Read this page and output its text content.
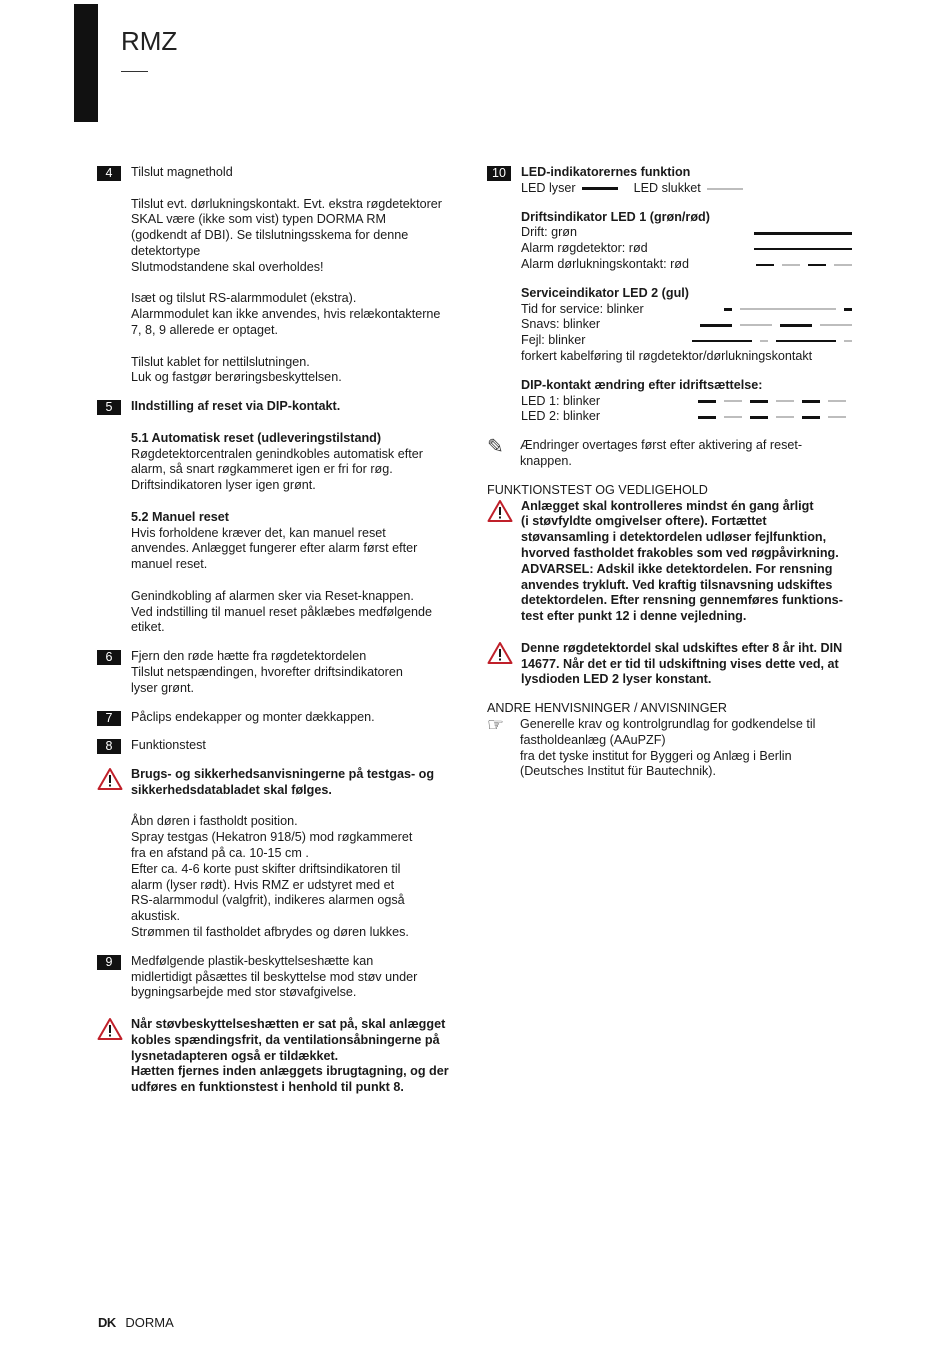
RMZ
4	Tilslut magnethold
Tilslut evt. dørlukningskontakt. Evt. ekstra røgdetektorer
SKAL være (ikke som vist) typen DORMA RM
(godkendt af DBI). Se tilslutningsskema for denne
detektortype
Slutmodstandene skal overholdes!
Isæt og tilslut RS-alarmmodulet (ekstra).
Alarmmodulet kan ikke anvendes, hvis relækontakterne
7, 8, 9 allerede er optaget.
Tilslut kablet for nettilslutningen.
Luk og fastgør berøringsbeskyttelsen.
5	IIndstilling af reset via DIP-kontakt.
5.1 Automatisk reset (udleveringstilstand)
Røgdetektorcentralen genindkobles automatisk efter
alarm, så snart røgkammeret igen er fri for røg.
Driftsindikatoren lyser igen grønt.
5.2 Manuel reset
Hvis forholdene kræver det, kan manuel reset
anvendes. Anlægget fungerer efter alarm først efter
manuel reset.
Genindkobling af alarmen sker via Reset-knappen.
Ved indstilling til manuel reset påklæbes medfølgende
etiket.
6	Fjern den røde hætte fra røgdetektordelen
Tilslut netspændingen, hvorefter driftsindikatoren
lyser grønt.
7	Påclips endekapper og monter dækkappen.
8	Funktionstest
Brugs- og sikkerhedsanvisningerne på testgas- og
sikkerhedsdatabladet skal følges.
Åbn døren i fastholdt position.
Spray testgas (Hekatron 918/5) mod røgkammeret
fra en afstand på ca. 10-15 cm .
Efter ca. 4-6 korte pust skifter driftsindikatoren til
alarm (lyser rødt). Hvis RMZ er udstyret med et
RS-alarmmodul (valgfrit), indikeres alarmen også
akustisk.
Strømmen til fastholdet afbrydes og døren lukkes.
9	Medfølgende plastik-beskyttelseshætte kan
midlertidigt påsættes til beskyttelse mod støv under
bygningsarbejde med stor støvafgivelse.
Når støvbeskyttelseshætten er sat på, skal anlægget
kobles spændingsfrit, da ventilationsåbningerne på
lysnetadapteren også er tildækket.
Hætten fjernes inden anlæggets ibrugtagning, og der
udføres en funktionstest i henhold til punkt 8.
10	LED-indikatorernes funktion
LED lyser	LED slukket
Driftsindikator LED 1 (grøn/rød)
Drift: grøn
Alarm røgdetektor: rød
Alarm dørlukningskontakt: rød
Serviceindikator LED 2 (gul)
Tid for service: blinker
Snavs: blinker
Fejl: blinker
forkert kabelføring til røgdetektor/dørlukningskontakt
DIP-kontakt ændring efter idriftsættelse:
LED 1: blinker
LED 2: blinker
✎ Ændringer overtages først efter aktivering af reset-
knappen.
FUNKTIONSTEST OG VEDLIGEHOLD
Anlægget skal kontrolleres mindst én gang årligt
(i støvfyldte omgivelser oftere). Fortættet
støvansamling i detektordelen udløser fejlfunktion,
hvorved fastholdet frakobles som ved røgpåvirkning.
ADVARSEL: Adskil ikke detektordelen. For rensning
anvendes trykluft. Ved kraftig tilsnavsning udskiftes
detektordelen. Efter rensning gennemføres funktions-
test efter punkt 12 i denne vejledning.
Denne røgdetektordel skal udskiftes efter 8 år iht. DIN
14677. Når det er tid til udskiftning vises dette ved, at
lysdioden LED 2 lyser konstant.
ANDRE HENVISNINGER / ANVISNINGER
☞ Generelle krav og kontrolgrundlag for godkendelse til
fastholdeanlæg (AAuPZF)
fra det tyske institut for Byggeri og Anlæg i Berlin
(Deutsches Institut für Bautechnik).
DK DORMA
